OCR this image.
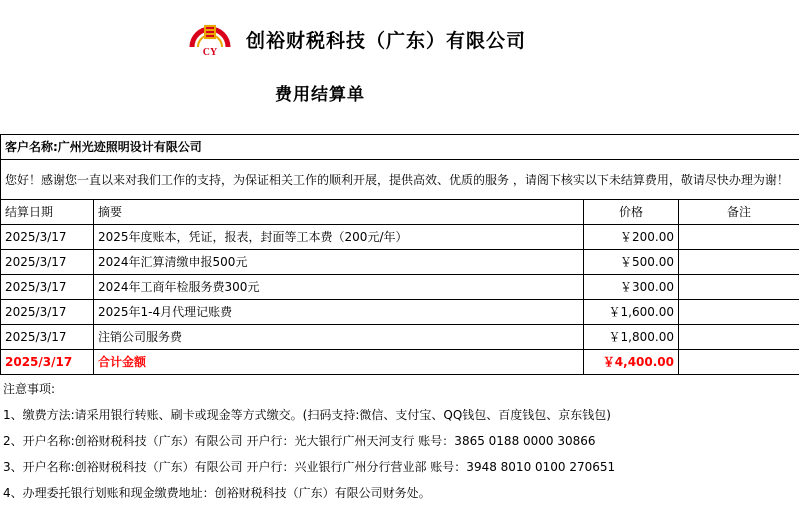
CY
创裕财税科技（广东）有限公司
费用结算单
客户名称:广州光迹照明设计有限公司			
您好！感谢您一直以来对我们工作的支持，为保证相关工作的顺利开展，提供高效、优质的服务 ，请阁下核实以下未结算费用，敬请尽快办理为谢！			
结算日期	摘要	价格	备注
2025/3/17	2025年度账本，凭证，报表，封面等工本费（200元/年）	￥200.00	
2025/3/17	2024年汇算清缴申报500元	￥500.00	
2025/3/17	2024年工商年检服务费300元	￥300.00	
2025/3/17	2025年1-4月代理记账费	￥1,600.00	
2025/3/17	注销公司服务费	￥1,800.00	
2025/3/17	合计金额	￥4,400.00	
注意事项:
1、缴费方法:请采用银行转账、刷卡或现金等方式缴交。(扫码支持:微信、支付宝、QQ钱包、百度钱包、京东钱包)
2、开户名称:创裕财税科技（广东）有限公司 开户行：光大银行广州天河支行 账号：3865 0188 0000 30866
3、开户名称:创裕财税科技（广东）有限公司 开户行：兴业银行广州分行营业部 账号：3948 8010 0100 270651
4、办理委托银行划账和现金缴费地址：创裕财税科技（广东）有限公司财务处。
